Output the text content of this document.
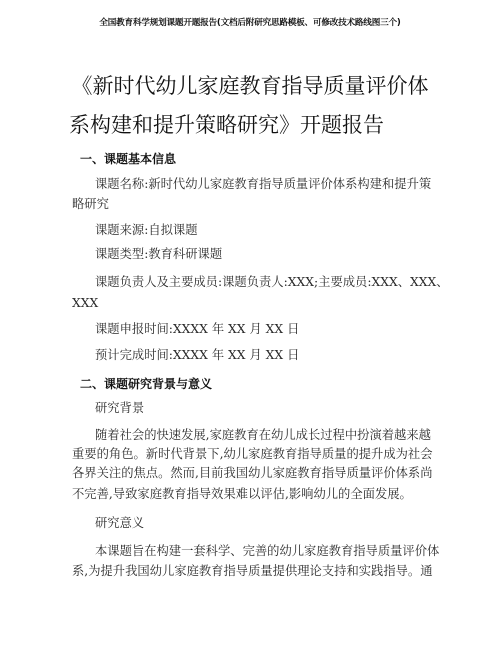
全国教育科学规划课题开题报告(文档后附研究思路模板、可修改技术路线图三个)
《新时代幼儿家庭教育指导质量评价体
系构建和提升策略研究》开题报告
一、课题基本信息
课题名称:新时代幼儿家庭教育指导质量评价体系构建和提升策
略研究
课题来源:自拟课题
课题类型:教育科研课题
课题负责人及主要成员:课题负责人:XXX;主要成员:XXX、XXX、
XXX
课题申报时间:XXXX 年 XX 月 XX 日
预计完成时间:XXXX 年 XX 月 XX 日
二、课题研究背景与意义
研究背景
随着社会的快速发展,家庭教育在幼儿成长过程中扮演着越来越
重要的角色。新时代背景下,幼儿家庭教育指导质量的提升成为社会
各界关注的焦点。然而,目前我国幼儿家庭教育指导质量评价体系尚
不完善,导致家庭教育指导效果难以评估,影响幼儿的全面发展。
研究意义
本课题旨在构建一套科学、完善的幼儿家庭教育指导质量评价体
系,为提升我国幼儿家庭教育指导质量提供理论支持和实践指导。通
